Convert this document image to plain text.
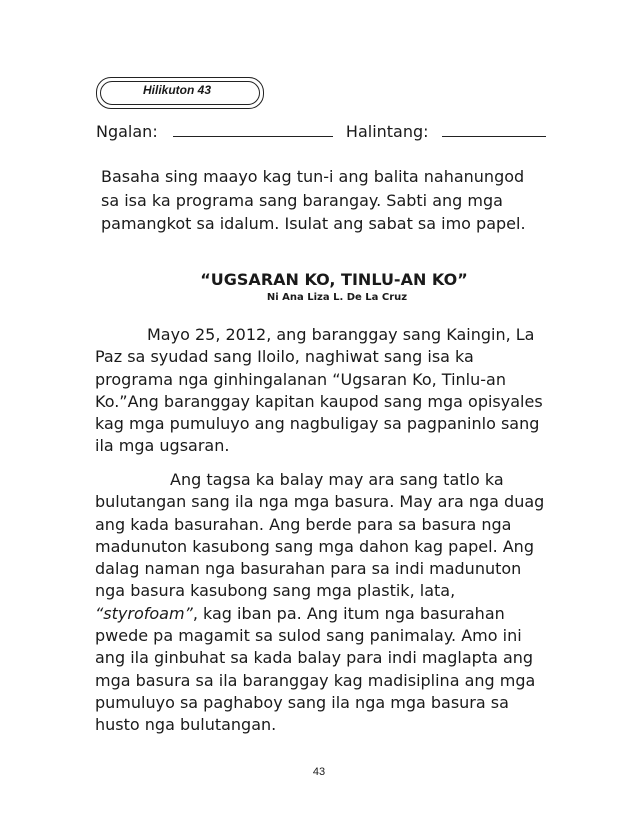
Hilikuton 43
Ngalan:	Halintang:
Basaha sing maayo kag tun-i ang balita nahanungod sa isa ka programa sang barangay. Sabti ang mga pamangkot sa idalum. Isulat ang sabat sa imo papel.
“UGSARAN KO, TINLU-AN KO”
Ni Ana Liza L. De La Cruz
Mayo 25, 2012, ang baranggay sang Kaingin, La Paz sa syudad sang Iloilo, naghiwat sang isa ka programa nga ginhingalanan “Ugsaran Ko, Tinlu-an Ko.”Ang baranggay kapitan kaupod sang mga opisyales kag mga pumuluyo ang nagbuligay sa pagpaninlo sang ila mga ugsaran.
Ang tagsa ka balay may ara sang tatlo ka bulutangan sang ila nga mga basura. May ara nga duag ang kada basurahan. Ang berde para sa basura nga madunuton kasubong sang mga dahon kag papel. Ang dalag naman nga basurahan para sa indi madunuton nga basura kasubong sang mga plastik, lata, “styrofoam”, kag iban pa. Ang itum nga basurahan pwede pa magamit sa sulod sang panimalay. Amo ini ang ila ginbuhat sa kada balay para indi maglapta ang mga basura sa ila baranggay kag madisiplina ang mga pumuluyo sa paghaboy sang ila nga mga basura sa husto nga bulutangan.
43
